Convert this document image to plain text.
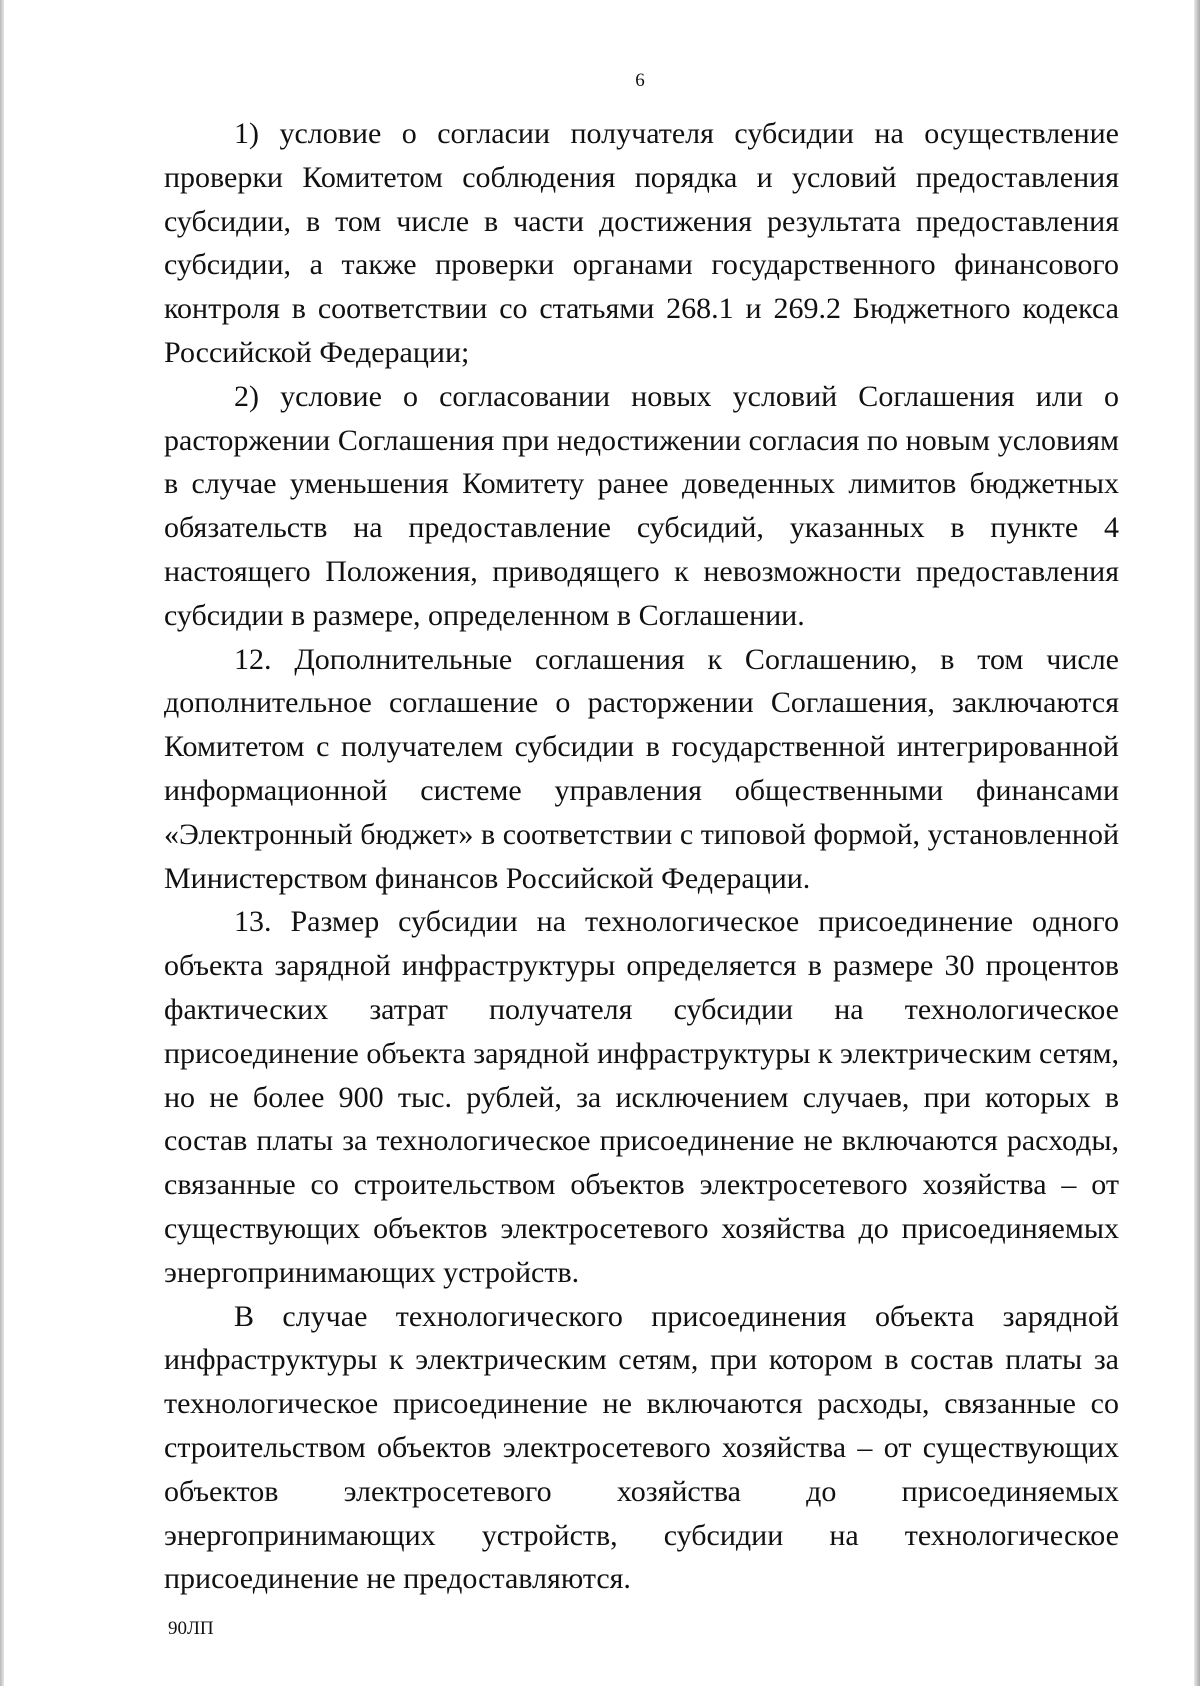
6

1) условие о согласии получателя субсидии на осуществление проверки Комитетом соблюдения порядка и условий предоставления субсидии, в том числе в части достижения результата предоставления субсидии, а также проверки органами государственного финансового контроля в соответствии со статьями 268.1 и 269.2 Бюджетного кодекса Российской Федерации;

2) условие о согласовании новых условий Соглашения или о расторжении Соглашения при недостижении согласия по новым условиям в случае уменьшения Комитету ранее доведенных лимитов бюджетных обязательств на предоставление субсидий, указанных в пункте 4 настоящего Положения, приводящего к невозможности предоставления субсидии в размере, определенном в Соглашении.

12. Дополнительные соглашения к Соглашению, в том числе дополнительное соглашение о расторжении Соглашения, заключаются Комитетом с получателем субсидии в государственной интегрированной информационной системе управления общественными финансами «Электронный бюджет» в соответствии с типовой формой, установленной Министерством финансов Российской Федерации.

13. Размер субсидии на технологическое присоединение одного объекта зарядной инфраструктуры определяется в размере 30 процентов фактических затрат получателя субсидии на технологическое присоединение объекта зарядной инфраструктуры к электрическим сетям, но не более 900 тыс. рублей, за исключением случаев, при которых в состав платы за технологическое присоединение не включаются расходы, связанные со строительством объектов электросетевого хозяйства – от существующих объектов электросетевого хозяйства до присоединяемых энергопринимающих устройств.

В случае технологического присоединения объекта зарядной инфраструктуры к электрическим сетям, при котором в состав платы за технологическое присоединение не включаются расходы, связанные со строительством объектов электросетевого хозяйства – от существующих объектов электросетевого хозяйства до присоединяемых энергопринимающих устройств, субсидии на технологическое присоединение не предоставляются.

90ЛП
